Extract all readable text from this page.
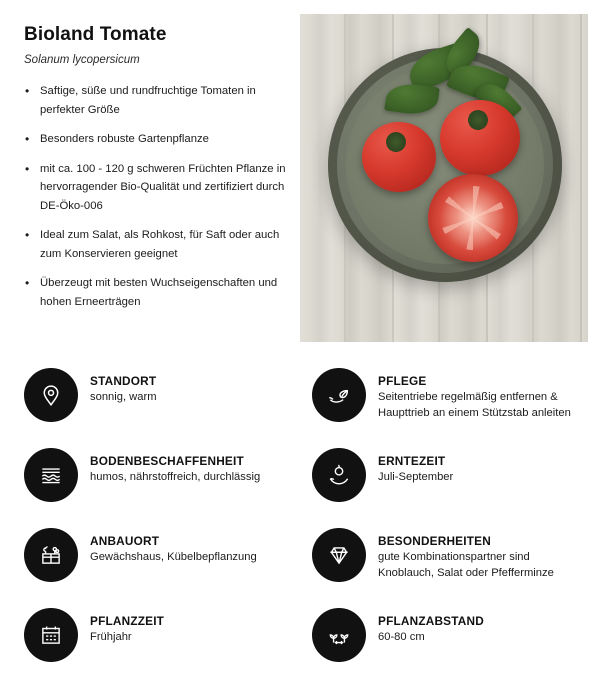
Bioland Tomate
Solanum lycopersicum
• Saftige, süße und rundfruchtige Tomaten in perfekter Größe
• Besonders robuste Gartenpflanze
• mit ca. 100 - 120 g schweren Früchten Pflanze in hervorragender Bio-Qualität und zertifiziert durch DE-Öko-006
• Ideal zum Salat, als Rohkost, für Saft oder auch zum Konservieren geeignet
• Überzeugt mit besten Wuchseigenschaften und hohen Erneerträgen

STANDORT

sonnig, warm

PFLEGE

Seitentriebe regelmäßig entfernen & Haupttrieb an einem Stützstab anleiten

BODENBESCHAFFENHEIT

humos, nährstoffreich, durchlässig

ERNTEZEIT

Juli-September

ANBAUORT

Gewächshaus, Kübelbepflanzung

BESONDERHEITEN

gute Kombinationspartner sind Knoblauch, Salat oder Pfefferminze

PFLANZZEIT

Frühjahr

PFLANZABSTAND

60-80 cm
